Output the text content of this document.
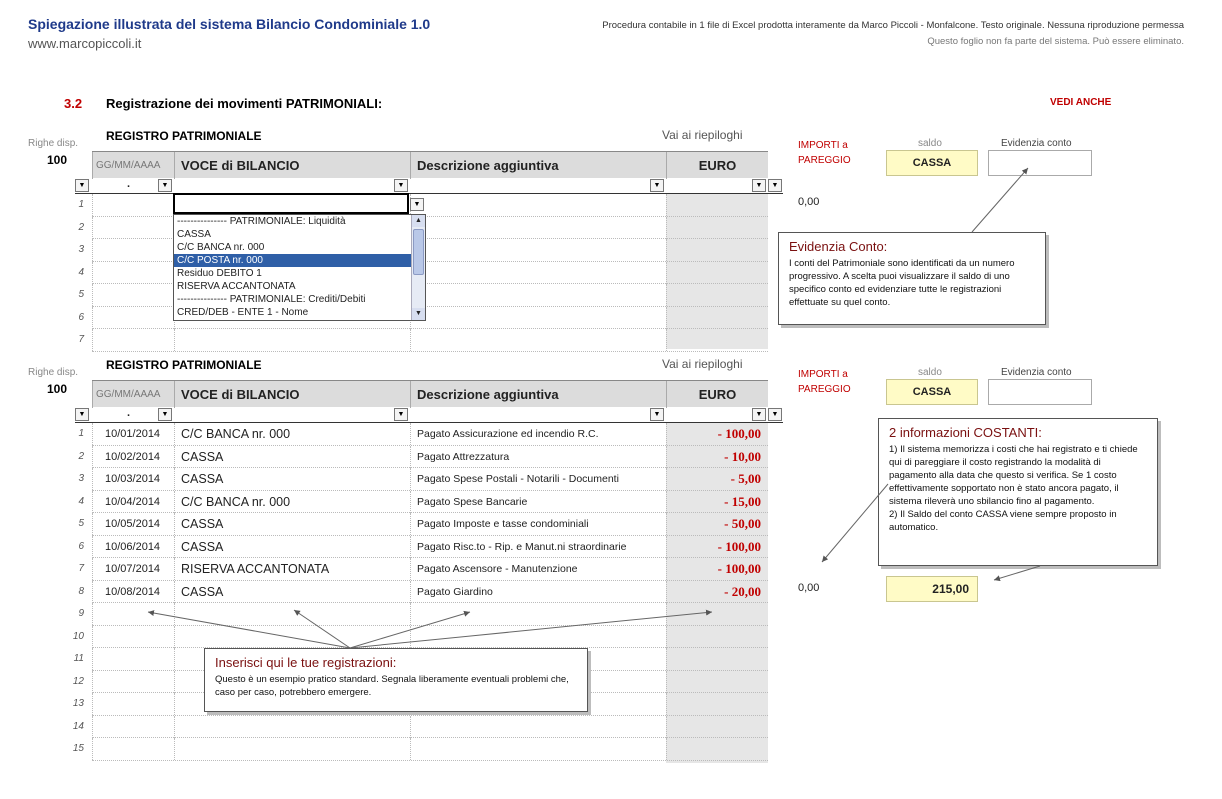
Spiegazione illustrata del sistema Bilancio Condominiale 1.0
www.marcopiccoli.it
Procedura contabile in 1 file di Excel prodotta interamente da Marco Piccoli - Monfalcone. Testo originale. Nessuna riproduzione permessa
Questo foglio non fa parte del sistema. Può essere eliminato.
3.2 Registrazione dei movimenti PATRIMONIALI:	VEDI ANCHE
Righe disp.
100
REGISTRO PATRIMONIALE	Vai ai riepiloghi
IMPORTI a
PAREGGIO
saldo
CASSA
Evidenzia conto
GG/MM/AAAA	VOCE di BILANCIO	Descrizione aggiuntiva	EURO
▼	.	▼	▼	▼	▼	▼
1
2
3
4
5
6
7
0,00
▼
--------------- PATRIMONIALE: Liquidità
CASSA
C/C BANCA nr. 000
C/C POSTA nr. 000
Residuo DEBITO 1
RISERVA ACCANTONATA
--------------- PATRIMONIALE: Crediti/Debiti
CRED/DEB - ENTE 1 - Nome
▲
▼
Righe disp.
100
REGISTRO PATRIMONIALE	Vai ai riepiloghi
IMPORTI a
PAREGGIO
saldo
CASSA
Evidenzia conto
GG/MM/AAAA	VOCE di BILANCIO	Descrizione aggiuntiva	EURO
▼	.	▼	▼	▼	▼	▼
1	10/01/2014	C/C BANCA nr. 000	Pagato Assicurazione ed incendio R.C.	- 100,00
2	10/02/2014	CASSA	Pagato Attrezzatura	- 10,00
3	10/03/2014	CASSA	Pagato Spese Postali - Notarili - Documenti	- 5,00
4	10/04/2014	C/C BANCA nr. 000	Pagato Spese Bancarie	- 15,00
5	10/05/2014	CASSA	Pagato Imposte e tasse condominiali	- 50,00
6	10/06/2014	CASSA	Pagato Risc.to - Rip. e Manut.ni straordinarie	- 100,00
7	10/07/2014	RISERVA ACCANTONATA	Pagato Ascensore - Manutenzione	- 100,00
8	10/08/2014	CASSA	Pagato Giardino	- 20,00
9
10
11
12
13
14
15
0,00	215,00
Evidenzia Conto:
I conti del Patrimoniale sono identificati da un numero progressivo. A scelta puoi visualizzare il saldo di uno specifico conto ed evidenziare tutte le registrazioni effettuate su quel conto.
2 informazioni COSTANTI:
1) Il sistema memorizza i costi che hai registrato e ti chiede qui di pareggiare il costo registrando la modalità di pagamento alla data che questo si verifica. Se 1 costo effettivamente sopportato non è stato ancora pagato, il sistema rileverà uno sbilancio fino al pagamento.
2) Il Saldo del conto CASSA viene sempre proposto in automatico.
Inserisci qui le tue registrazioni:
Questo è un esempio pratico standard. Segnala liberamente eventuali problemi che, caso per caso, potrebbero emergere.
